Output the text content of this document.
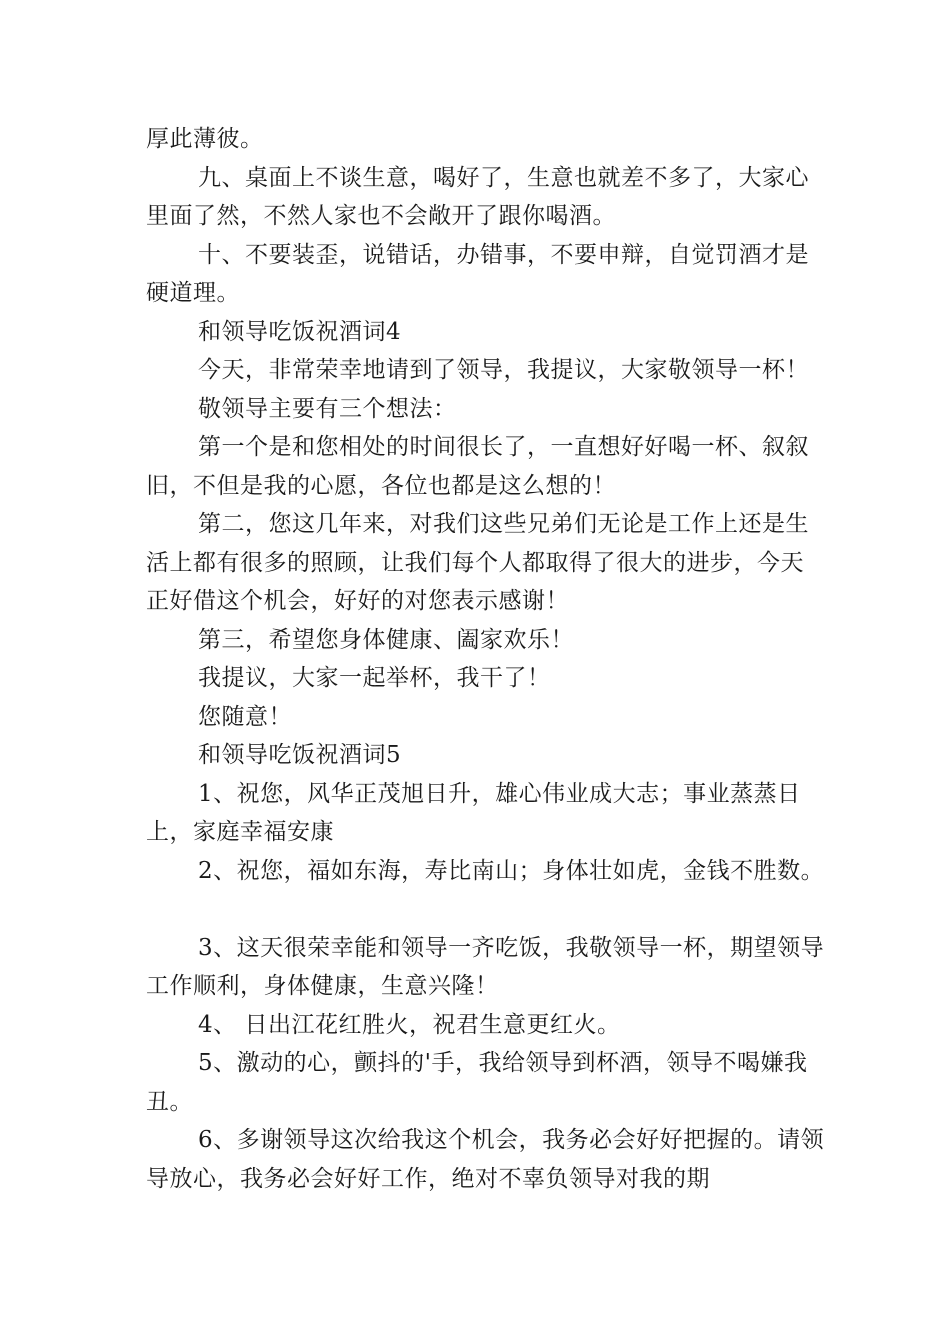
厚此薄彼。

九、桌面上不谈生意，喝好了，生意也就差不多了，大家心里面了然，不然人家也不会敞开了跟你喝酒。

十、不要装歪，说错话，办错事，不要申辩，自觉罚酒才是硬道理。

和领导吃饭祝酒词4

今天，非常荣幸地请到了领导，我提议，大家敬领导一杯！

敬领导主要有三个想法：

第一个是和您相处的时间很长了，一直想好好喝一杯、叙叙旧，不但是我的心愿，各位也都是这么想的！

第二，您这几年来，对我们这些兄弟们无论是工作上还是生活上都有很多的照顾，让我们每个人都取得了很大的进步，今天正好借这个机会，好好的对您表示感谢！

第三，希望您身体健康、阖家欢乐！

我提议，大家一起举杯，我干了！

您随意！

和领导吃饭祝酒词5

1、祝您，风华正茂旭日升，雄心伟业成大志；事业蒸蒸日上，家庭幸福安康

2、祝您，福如东海，寿比南山；身体壮如虎，金钱不胜数。

3、这天很荣幸能和领导一齐吃饭，我敬领导一杯，期望领导工作顺利，身体健康，生意兴隆！

4、 日出江花红胜火，祝君生意更红火。

5、激动的心，颤抖的'手，我给领导到杯酒，领导不喝嫌我丑。

6、多谢领导这次给我这个机会，我务必会好好把握的。请领导放心，我务必会好好工作，绝对不辜负领导对我的期
